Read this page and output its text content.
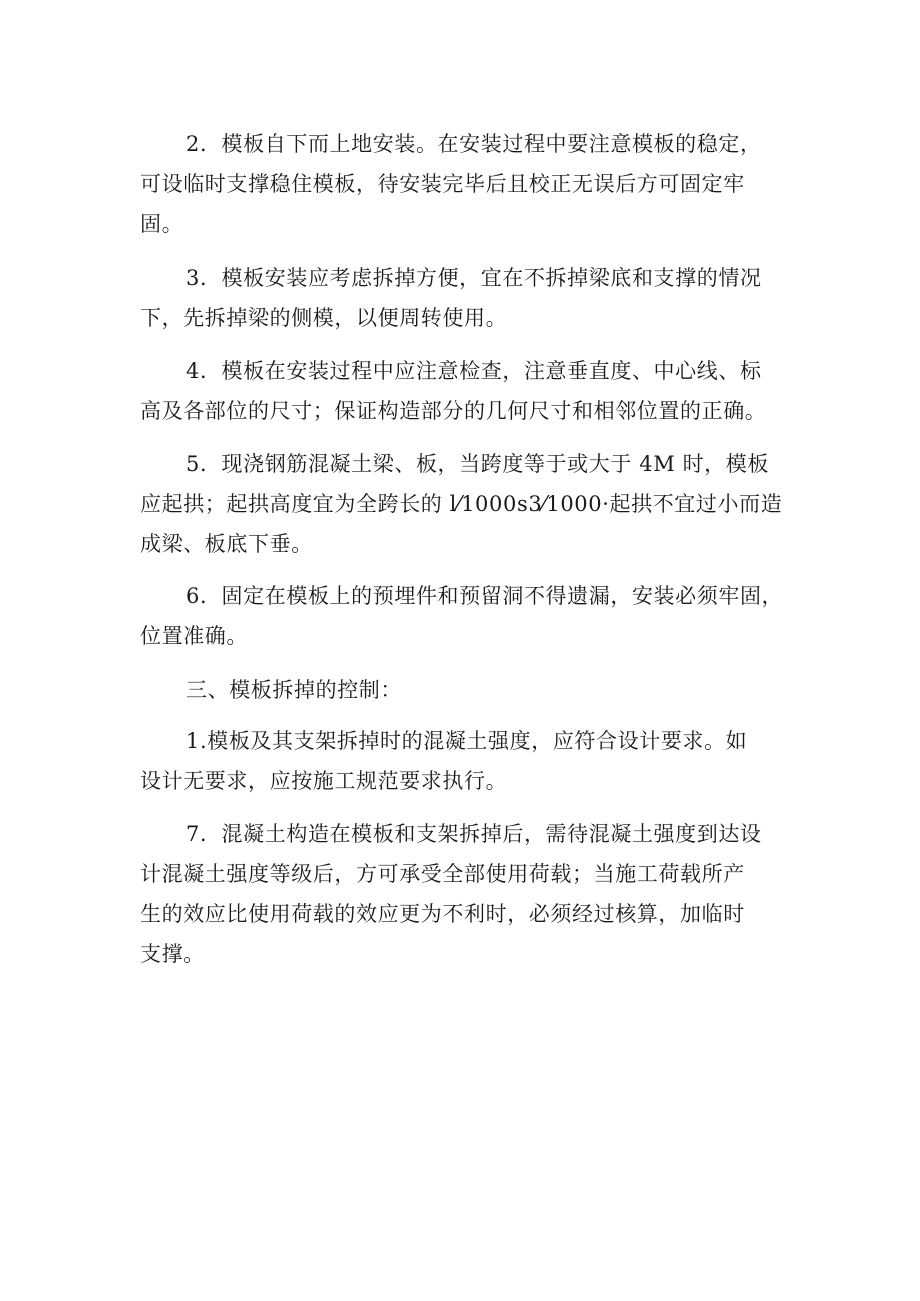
2．模板自下而上地安装。在安装过程中要注意模板的稳定，
可设临时支撑稳住模板，待安装完毕后且校正无误后方可固定牢
固。

3．模板安装应考虑拆掉方便，宜在不拆掉梁底和支撑的情况
下，先拆掉梁的侧模，以便周转使用。

4．模板在安装过程中应注意检查，注意垂直度、中心线、标
高及各部位的尺寸；保证构造部分的几何尺寸和相邻位置的正确。

5．现浇钢筋混凝土梁、板，当跨度等于或大于 4M 时，模板
应起拱；起拱高度宜为全跨长的 l⁄1000s3⁄1000·起拱不宜过小而造
成梁、板底下垂。

6．固定在模板上的预埋件和预留洞不得遗漏，安装必须牢固，
位置准确。

三、模板拆掉的控制：

1.模板及其支架拆掉时的混凝土强度，应符合设计要求。如
设计无要求，应按施工规范要求执行。

7．混凝土构造在模板和支架拆掉后，需待混凝土强度到达设
计混凝土强度等级后，方可承受全部使用荷载；当施工荷载所产
生的效应比使用荷载的效应更为不利时，必须经过核算，加临时
支撑。
